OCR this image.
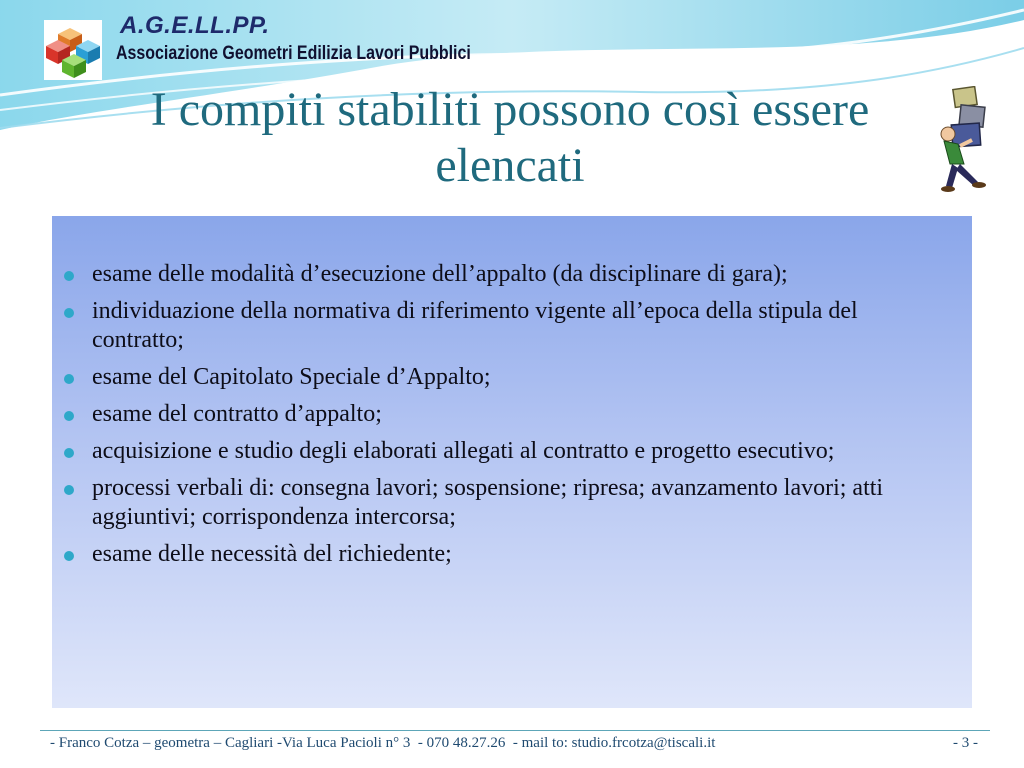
A.G.E.LL.PP.

Associazione Geometri Edilizia Lavori Pubblici

I compiti stabiliti possono così essere elencati
esame delle modalità d’esecuzione dell’appalto (da disciplinare di gara);
individuazione della normativa di riferimento vigente all’epoca della stipula del contratto;
esame del Capitolato Speciale d’Appalto;
esame del contratto d’appalto;
acquisizione e studio degli elaborati allegati al contratto e progetto esecutivo;
processi verbali di: consegna lavori; sospensione; ripresa; avanzamento lavori; atti aggiuntivi; corrispondenza intercorsa;
esame delle necessità del richiedente;

- Franco Cotza – geometra – Cagliari -Via Luca Pacioli n° 3  - 070 48.27.26  - mail to: studio.frcotza@tiscali.it	- 3 -
